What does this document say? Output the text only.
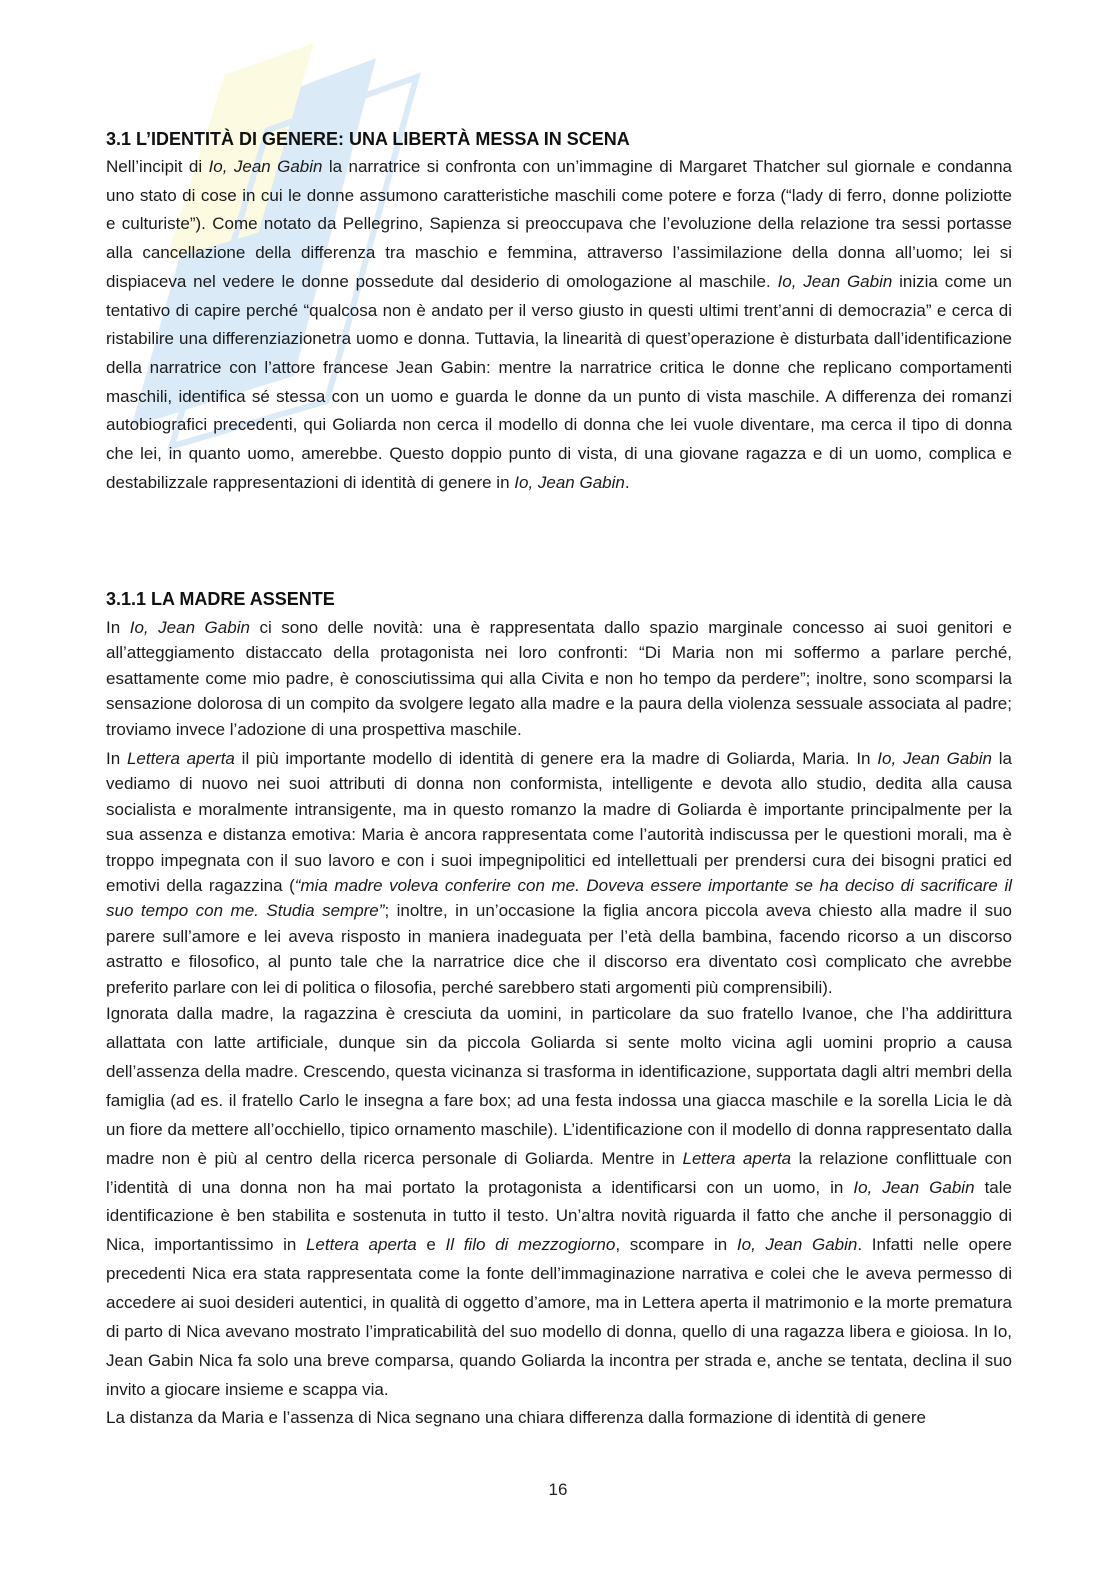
3.1 L’IDENTITÀ DI GENERE: UNA LIBERTÀ MESSA IN SCENA

Nell’incipit di Io, Jean Gabin la narratrice si confronta con un’immagine di Margaret Thatcher sul giornale e condanna uno stato di cose in cui le donne assumono caratteristiche maschili come potere e forza (“lady di ferro, donne poliziotte e culturiste”). Come notato da Pellegrino, Sapienza si preoccupava che l’evoluzione della relazione tra sessi portasse alla cancellazione della differenza tra maschio e femmina, attraverso l’assimilazione della donna all’uomo; lei si dispiaceva nel vedere le donne possedute dal desiderio di omologazione al maschile. Io, Jean Gabin inizia come un tentativo di capire perché “qualcosa non è andato per il verso giusto in questi ultimi trent’anni di democrazia” e cerca di ristabilire una differenziazionetra uomo e donna. Tuttavia, la linearità di quest’operazione è disturbata dall’identificazione della narratrice con l’attore francese Jean Gabin: mentre la narratrice critica le donne che replicano comportamenti maschili, identifica sé stessa con un uomo e guarda le donne da un punto di vista maschile. A differenza dei romanzi autobiografici precedenti, qui Goliarda non cerca il modello di donna che lei vuole diventare, ma cerca il tipo di donna che lei, in quanto uomo, amerebbe. Questo doppio punto di vista, di una giovane ragazza e di un uomo, complica e destabilizzale rappresentazioni di identità di genere in Io, Jean Gabin.

3.1.1 LA MADRE ASSENTE

In Io, Jean Gabin ci sono delle novità: una è rappresentata dallo spazio marginale concesso ai suoi genitori e all’atteggiamento distaccato della protagonista nei loro confronti: “Di Maria non mi soffermo a parlare perché, esattamente come mio padre, è conosciutissima qui alla Civita e non ho tempo da perdere”; inoltre, sono scomparsi la sensazione dolorosa di un compito da svolgere legato alla madre e la paura della violenza sessuale associata al padre; troviamo invece l’adozione di una prospettiva maschile.

In Lettera aperta il più importante modello di identità di genere era la madre di Goliarda, Maria. In Io, Jean Gabin la vediamo di nuovo nei suoi attributi di donna non conformista, intelligente e devota allo studio, dedita alla causa socialista e moralmente intransigente, ma in questo romanzo la madre di Goliarda è importante principalmente per la sua assenza e distanza emotiva: Maria è ancora rappresentata come l’autorità indiscussa per le questioni morali, ma è troppo impegnata con il suo lavoro e con i suoi impegnipolitici ed intellettuali per prendersi cura dei bisogni pratici ed emotivi della ragazzina (“mia madre voleva conferire con me. Doveva essere importante se ha deciso di sacrificare il suo tempo con me. Studia sempre”; inoltre, in un’occasione la figlia ancora piccola aveva chiesto alla madre il suo parere sull’amore e lei aveva risposto in maniera inadeguata per l’età della bambina, facendo ricorso a un discorso astratto e filosofico, al punto tale che la narratrice dice che il discorso era diventato così complicato che avrebbe preferito parlare con lei di politica o filosofia, perché sarebbero stati argomenti più comprensibili).

Ignorata dalla madre, la ragazzina è cresciuta da uomini, in particolare da suo fratello Ivanoe, che l’ha addirittura allattata con latte artificiale, dunque sin da piccola Goliarda si sente molto vicina agli uomini proprio a causa dell’assenza della madre. Crescendo, questa vicinanza si trasforma in identificazione, supportata dagli altri membri della famiglia (ad es. il fratello Carlo le insegna a fare box; ad una festa indossa una giacca maschile e la sorella Licia le dà un fiore da mettere all’occhiello, tipico ornamento maschile). L’identificazione con il modello di donna rappresentato dalla madre non è più al centro della ricerca personale di Goliarda. Mentre in Lettera aperta la relazione conflittuale con l’identità di una donna non ha mai portato la protagonista a identificarsi con un uomo, in Io, Jean Gabin tale identificazione è ben stabilita e sostenuta in tutto il testo. Un’altra novità riguarda il fatto che anche il personaggio di Nica, importantissimo in Lettera aperta e Il filo di mezzogiorno, scompare in Io, Jean Gabin. Infatti nelle opere precedenti Nica era stata rappresentata come la fonte dell’immaginazione narrativa e colei che le aveva permesso di accedere ai suoi desideri autentici, in qualità di oggetto d’amore, ma in Lettera aperta il matrimonio e la morte prematura di parto di Nica avevano mostrato l’impraticabilità del suo modello di donna, quello di una ragazza libera e gioiosa. In Io, Jean Gabin Nica fa solo una breve comparsa, quando Goliarda la incontra per strada e, anche se tentata, declina il suo invito a giocare insieme e scappa via.

La distanza da Maria e l’assenza di Nica segnano una chiara differenza dalla formazione di identità di genere

16
